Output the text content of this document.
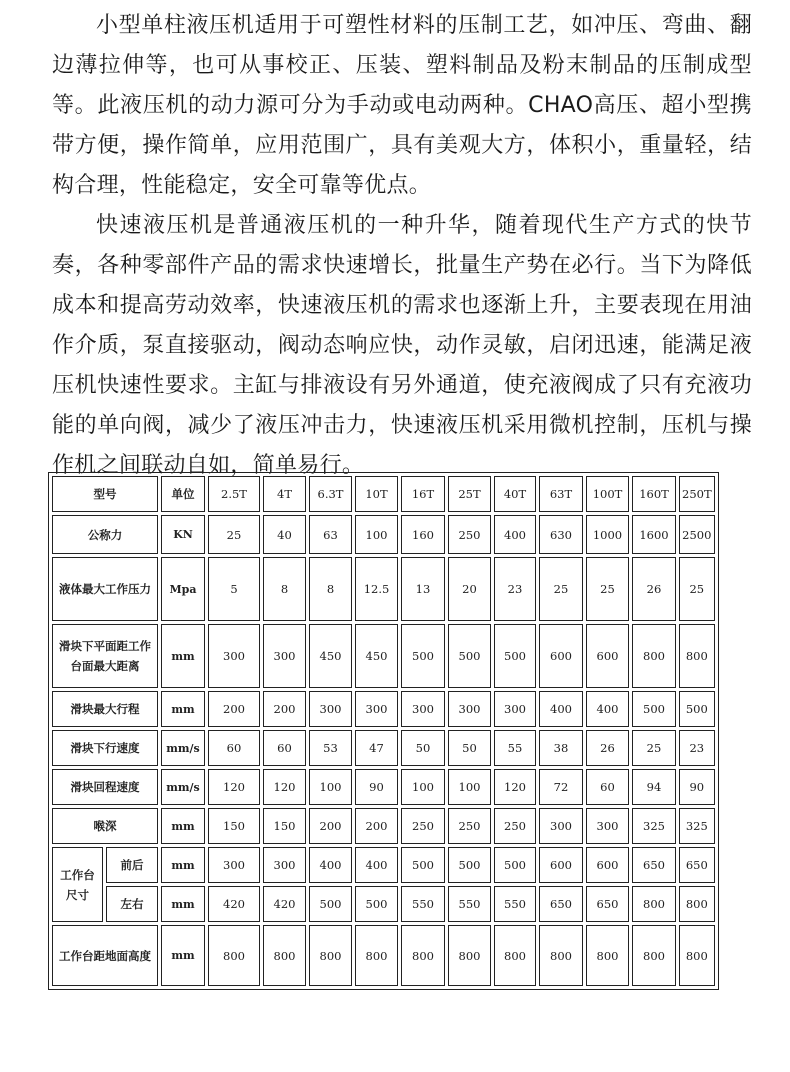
小型单柱液压机适用于可塑性材料的压制工艺，如冲压、弯曲、翻边薄拉伸等，也可从事校正、压装、塑料制品及粉末制品的压制成型等。此液压机的动力源可分为手动或电动两种。CHAO高压、超小型携带方便，操作简单，应用范围广，具有美观大方，体积小，重量轻，结构合理，性能稳定，安全可靠等优点。

快速液压机是普通液压机的一种升华，随着现代生产方式的快节奏，各种零部件产品的需求快速增长，批量生产势在必行。当下为降低成本和提高劳动效率，快速液压机的需求也逐渐上升，主要表现在用油作介质，泵直接驱动，阀动态响应快，动作灵敏，启闭迅速，能满足液压机快速性要求。主缸与排液设有另外通道，使充液阀成了只有充液功能的单向阀，减少了液压冲击力，快速液压机采用微机控制，压机与操作机之间联动自如，简单易行。

型号		单位	2.5T	4T	6.3T	10T	16T	25T	40T	63T	100T	160T	250T
公称力		KN	25	40	63	100	160	250	400	630	1000	1600	2500
液体最大工作压力		Mpa	5	8	8	12.5	13	20	23	25	25	26	25
滑块下平面距工作台面最大距离		mm	300	300	450	450	500	500	500	600	600	800	800
滑块最大行程		mm	200	200	300	300	300	300	300	400	400	500	500
滑块下行速度		mm/s	60	60	53	47	50	50	55	38	26	25	23
滑块回程速度		mm/s	120	120	100	90	100	100	120	72	60	94	90
喉深		mm	150	150	200	200	250	250	250	300	300	325	325
工作台尺寸	前后	mm	300	300	400	400	500	500	500	600	600	650	650
	左右	mm	420	420	500	500	550	550	550	650	650	800	800
工作台距地面高度		mm	800	800	800	800	800	800	800	800	800	800	800
